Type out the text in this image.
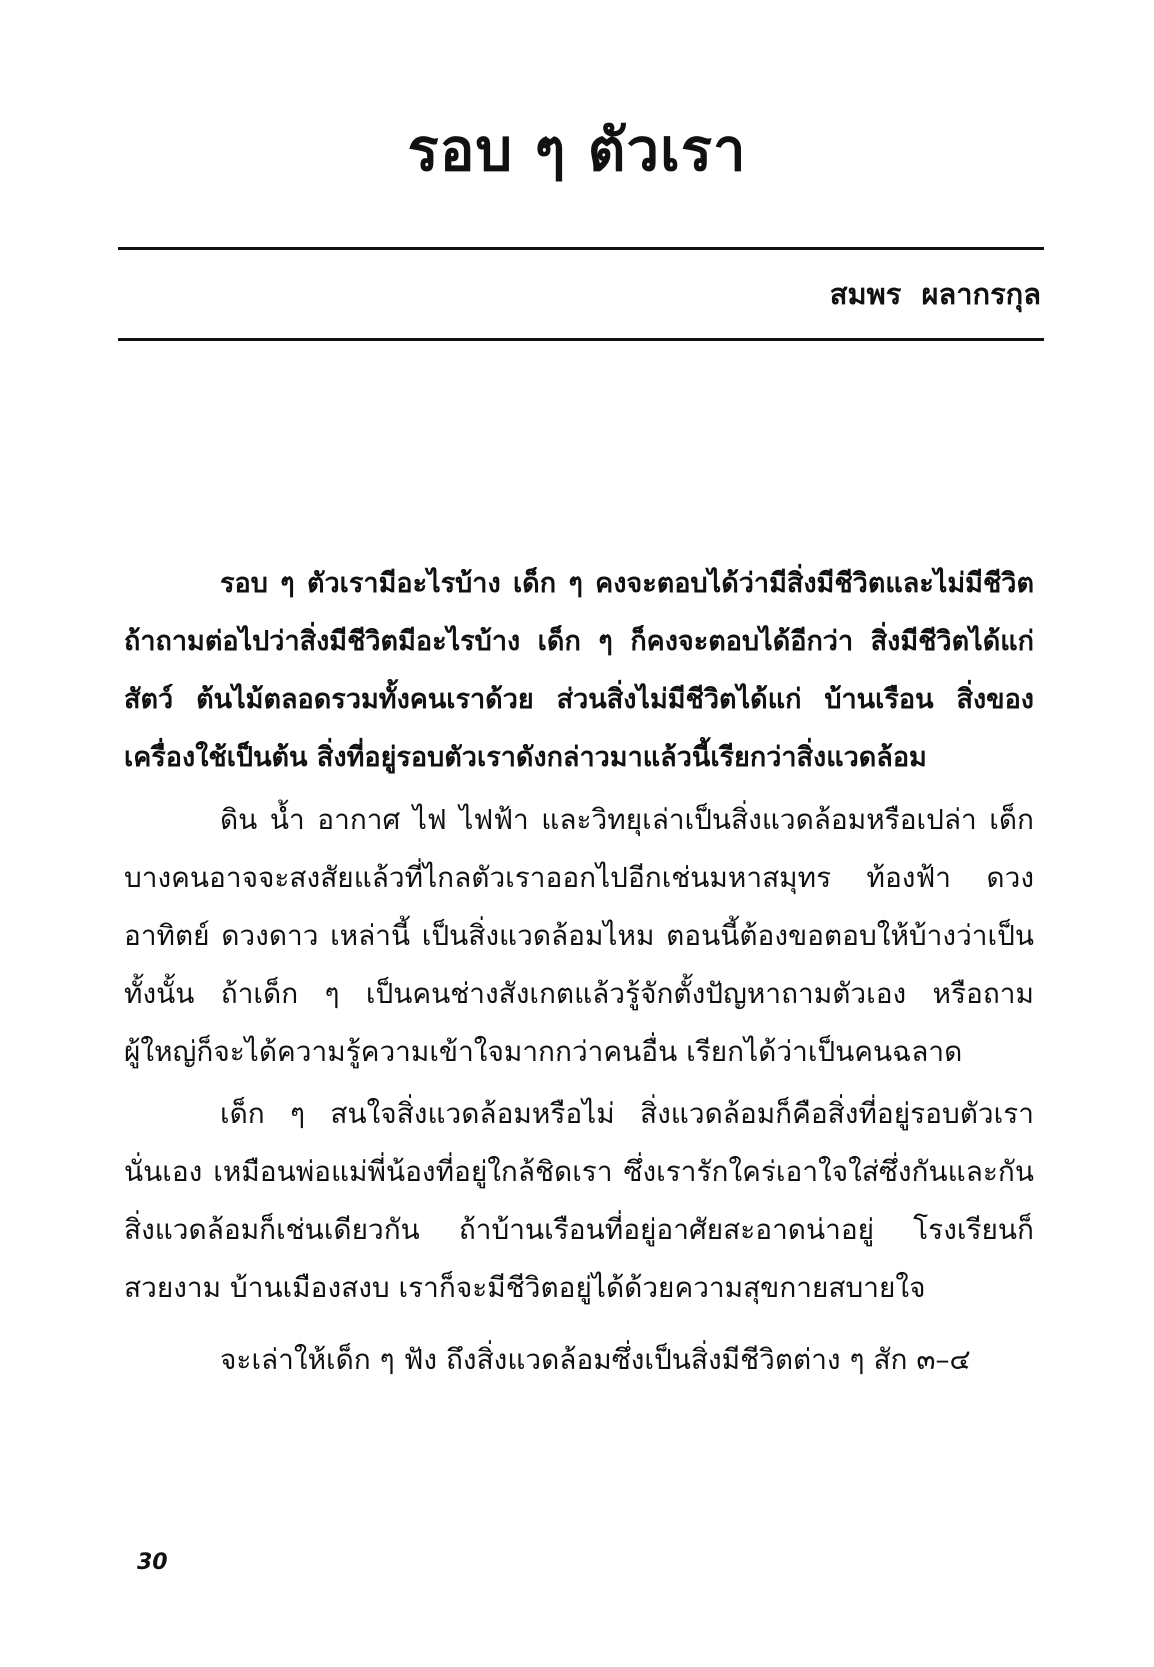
รอบ ๆ ตัวเรา
สมพร  ผลากรกุล

รอบ ๆ ตัวเรามีอะไรบ้าง เด็ก ๆ คงจะตอบได้ว่ามีสิ่งมีชีวิตและไม่มีชีวิต ถ้าถามต่อไปว่าสิ่งมีชีวิตมีอะไรบ้าง เด็ก ๆ ก็คงจะตอบได้อีกว่า สิ่งมีชีวิตได้แก่สัตว์ ต้นไม้ตลอดรวมทั้งคนเราด้วย ส่วนสิ่งไม่มีชีวิตได้แก่ บ้านเรือน สิ่งของเครื่องใช้เป็นต้น สิ่งที่อยู่รอบตัวเราดังกล่าวมาแล้วนี้เรียกว่าสิ่งแวดล้อม

ดิน น้ำ อากาศ ไฟ ไฟฟ้า และวิทยุเล่าเป็นสิ่งแวดล้อมหรือเปล่า เด็กบางคนอาจจะสงสัยแล้วที่ไกลตัวเราออกไปอีกเช่นมหาสมุทร ท้องฟ้า ดวงอาทิตย์ ดวงดาว เหล่านี้ เป็นสิ่งแวดล้อมไหม ตอนนี้ต้องขอตอบให้บ้างว่าเป็นทั้งนั้น ถ้าเด็ก ๆ เป็นคนช่างสังเกตแล้วรู้จักตั้งปัญหาถามตัวเอง หรือถามผู้ใหญ่ก็จะได้ความรู้ความเข้าใจมากกว่าคนอื่น เรียกได้ว่าเป็นคนฉลาด

เด็ก ๆ สนใจสิ่งแวดล้อมหรือไม่ สิ่งแวดล้อมก็คือสิ่งที่อยู่รอบตัวเรานั่นเอง เหมือนพ่อแม่พี่น้องที่อยู่ใกล้ชิดเรา ซึ่งเรารักใคร่เอาใจใส่ซึ่งกันและกัน สิ่งแวดล้อมก็เช่นเดียวกัน ถ้าบ้านเรือนที่อยู่อาศัยสะอาดน่าอยู่ โรงเรียนก็สวยงาม บ้านเมืองสงบ เราก็จะมีชีวิตอยู่ได้ด้วยความสุขกายสบายใจ

จะเล่าให้เด็ก ๆ ฟัง ถึงสิ่งแวดล้อมซึ่งเป็นสิ่งมีชีวิตต่าง ๆ สัก ๓–๔

30
